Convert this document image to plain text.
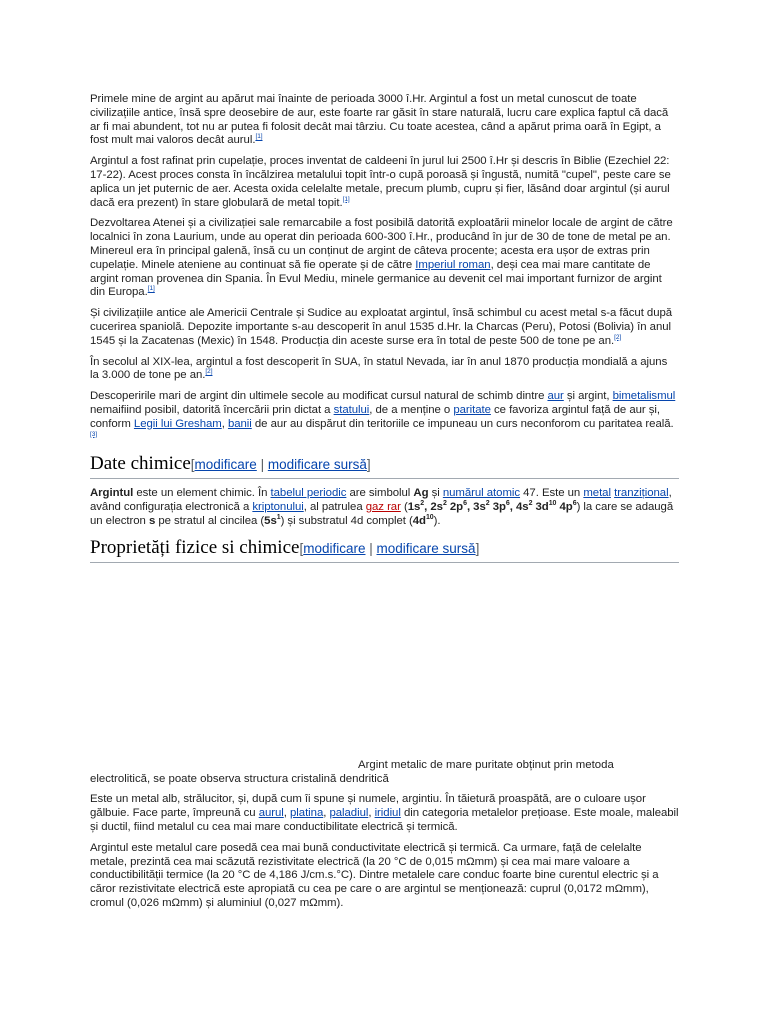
Primele mine de argint au apărut mai înainte de perioada 3000 î.Hr. Argintul a fost un metal cunoscut de toate civilizațiile antice, însă spre deosebire de aur, este foarte rar găsit în stare naturală, lucru care explica faptul că dacă ar fi mai abundent, tot nu ar putea fi folosit decât mai târziu. Cu toate acestea, când a apărut prima oară în Egipt, a fost mult mai valoros decât aurul.[1]

Argintul a fost rafinat prin cupelație, proces inventat de caldeeni în jurul lui 2500 î.Hr și descris în Biblie (Ezechiel 22: 17-22). Acest proces consta în încălzirea metalului topit într-o cupă poroasă și îngustă, numită "cupel", peste care se aplica un jet puternic de aer. Acesta oxida celelalte metale, precum plumb, cupru și fier, lăsând doar argintul (și aurul dacă era prezent) în stare globulară de metal topit.[1]

Dezvoltarea Atenei și a civilizației sale remarcabile a fost posibilă datorită exploatării minelor locale de argint de către localnici în zona Laurium, unde au operat din perioada 600-300 î.Hr., producând în jur de 30 de tone de metal pe an. Minereul era în principal galenă, însă cu un conținut de argint de câteva procente; acesta era ușor de extras prin cupelație. Minele ateniene au continuat să fie operate și de către Imperiul roman, deși cea mai mare cantitate de argint roman provenea din Spania. În Evul Mediu, minele germanice au devenit cel mai important furnizor de argint din Europa.[1]

Și civilizațiile antice ale Americii Centrale și Sudice au exploatat argintul, însă schimbul cu acest metal s-a făcut după cucerirea spaniolă. Depozite importante s-au descoperit în anul 1535 d.Hr. la Charcas (Peru), Potosi (Bolivia) în anul 1545 și la Zacatenas (Mexic) în 1548. Producția din aceste surse era în total de peste 500 de tone pe an.[2]

În secolul al XIX-lea, argintul a fost descoperit în SUA, în statul Nevada, iar în anul 1870 producția mondială a ajuns la 3.000 de tone pe an.[2]

Descoperirile mari de argint din ultimele secole au modificat cursul natural de schimb dintre aur și argint, bimetalismul nemaifiind posibil, datorită încercării prin dictat a statului, de a menține o paritate ce favoriza argintul față de aur și, conform Legii lui Gresham, banii de aur au dispărut din teritoriile ce impuneau un curs neconforom cu paritatea reală.[3]

Date chimice[modificare | modificare sursă]

Argintul este un element chimic. În tabelul periodic are simbolul Ag și numărul atomic 47. Este un metal tranzițional, având configurația electronică a kriptonului, al patrulea gaz rar ($1s^2$, $2s^2$ $2p^6$, $3s^2$ $3p^6$, $4s^2$ $3d^{10}$ $4p^6$) la care se adaugă un electron s pe stratul al cincilea $(5s^1)$ și substratul 4d complet $(4d^{10})$.

Proprietăți fizice si chimice[modificare | modificare sursă]
Argint metalic de mare puritate obținut prin metoda
electrolitică, se poate observa structura cristalină dendritică

Este un metal alb, strălucitor, și, după cum îi spune și numele, argintiu. În tăietură proaspătă, are o culoare ușor gălbuie. Face parte, împreună cu aurul, platina, paladiul, iridiul din categoria metalelor prețioase. Este moale, maleabil și ductil, fiind metalul cu cea mai mare conductibilitate electrică și termică.

Argintul este metalul care posedă cea mai bună conductivitate electrică și termică. Ca urmare, față de celelalte metale, prezintă cea mai scăzută rezistivitate electrică (la 20 °C de 0,015 mΩmm) și cea mai mare valoare a conductibilității termice (la 20 °C de 4,186 J/cm.s.°C). Dintre metalele care conduc foarte bine curentul electric și a căror rezistivitate electrică este apropiată cu cea pe care o are argintul se menționează: cuprul (0,0172 mΩmm), cromul (0,026 mΩmm) și aluminiul (0,027 mΩmm).
